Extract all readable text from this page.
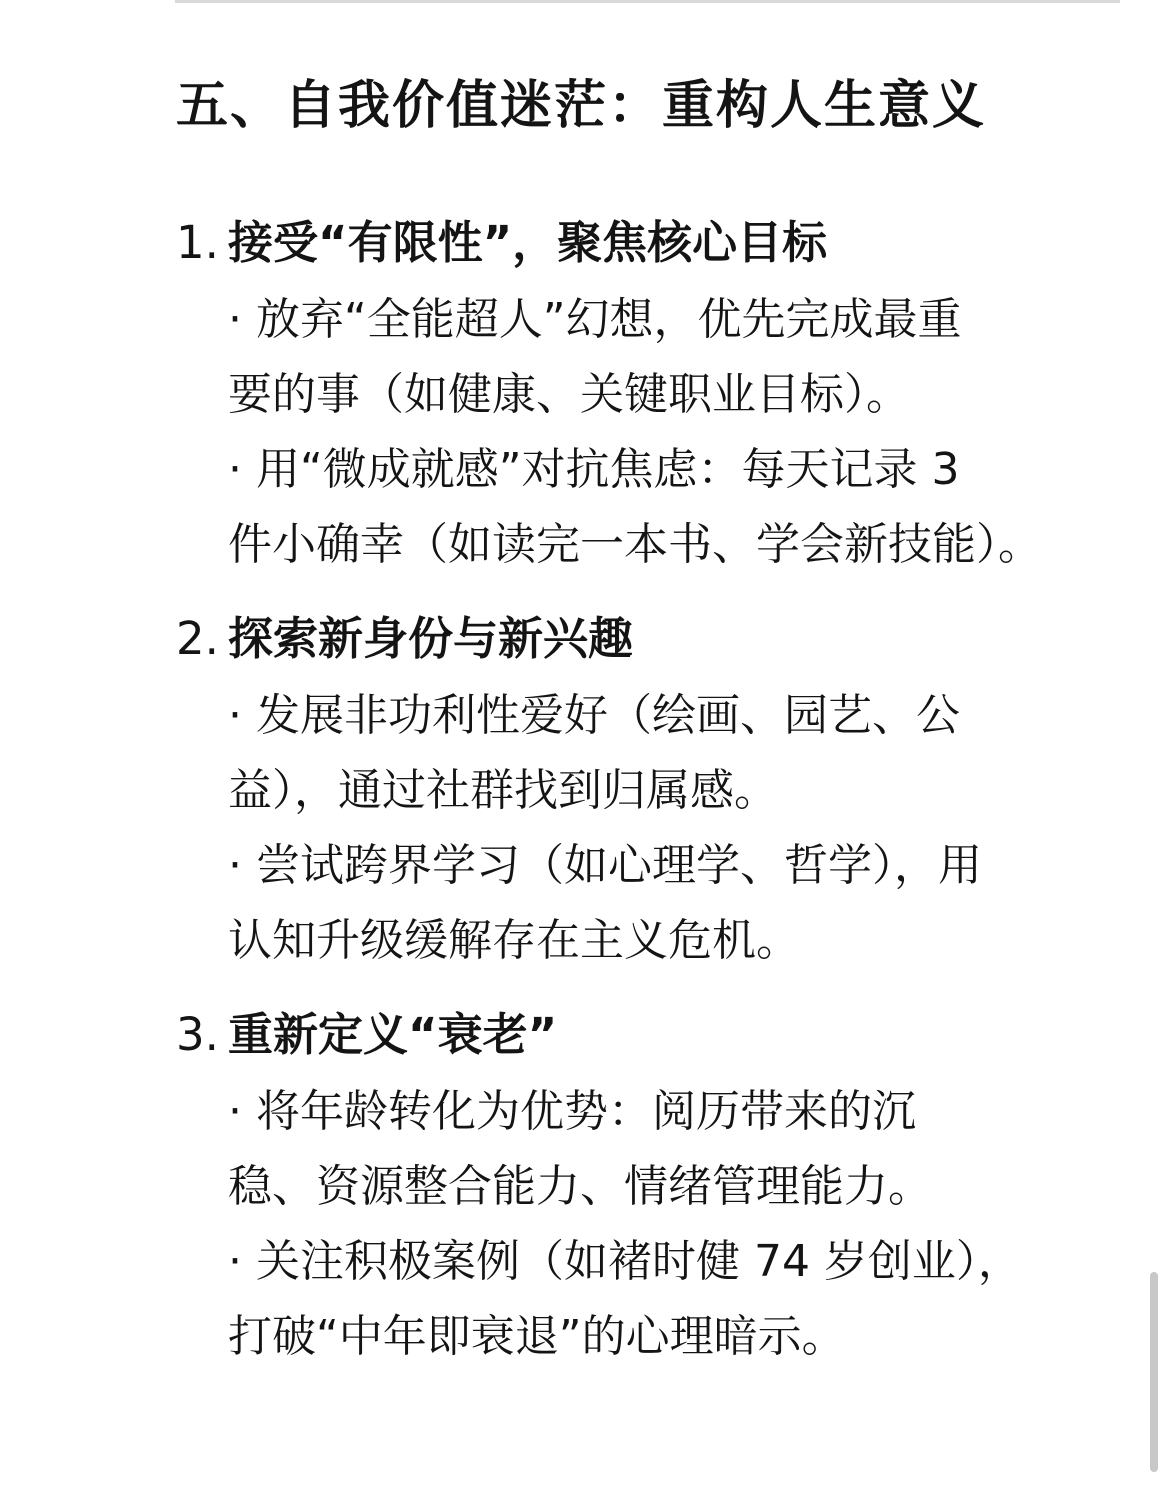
五、自我价值迷茫：重构人生意义
1. 接受“有限性”，聚焦核心目标
· 放弃“全能超人”幻想，优先完成最重
要的事（如健康、关键职业目标）。
· 用“微成就感”对抗焦虑：每天记录 3
件小确幸（如读完一本书、学会新技能）。
2. 探索新身份与新兴趣
· 发展非功利性爱好（绘画、园艺、公
益），通过社群找到归属感。
· 尝试跨界学习（如心理学、哲学），用
认知升级缓解存在主义危机。
3. 重新定义“衰老”
· 将年龄转化为优势：阅历带来的沉
稳、资源整合能力、情绪管理能力。
· 关注积极案例（如褚时健 74 岁创业），
打破“中年即衰退”的心理暗示。
